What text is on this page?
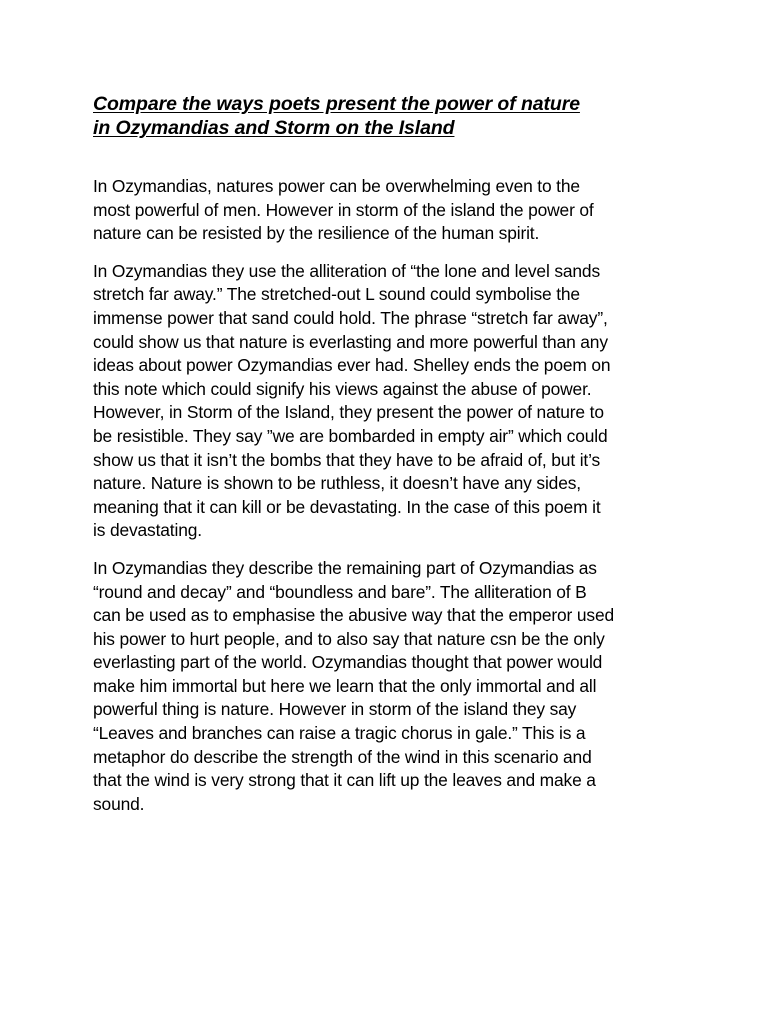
Compare the ways poets present the power of nature
in Ozymandias and Storm on the Island

In Ozymandias, natures power can be overwhelming even to the
most powerful of men. However in storm of the island the power of
nature can be resisted by the resilience of the human spirit.

In Ozymandias they use the alliteration of “the lone and level sands
stretch far away.” The stretched-out L sound could symbolise the
immense power that sand could hold. The phrase “stretch far away”,
could show us that nature is everlasting and more powerful than any
ideas about power Ozymandias ever had. Shelley ends the poem on
this note which could signify his views against the abuse of power.
However, in Storm of the Island, they present the power of nature to
be resistible. They say ”we are bombarded in empty air” which could
show us that it isn’t the bombs that they have to be afraid of, but it’s
nature. Nature is shown to be ruthless, it doesn’t have any sides,
meaning that it can kill or be devastating. In the case of this poem it
is devastating.

In Ozymandias they describe the remaining part of Ozymandias as
“round and decay” and “boundless and bare”. The alliteration of B
can be used as to emphasise the abusive way that the emperor used
his power to hurt people, and to also say that nature csn be the only
everlasting part of the world. Ozymandias thought that power would
make him immortal but here we learn that the only immortal and all
powerful thing is nature. However in storm of the island they say
“Leaves and branches can raise a tragic chorus in gale.” This is a
metaphor do describe the strength of the wind in this scenario and
that the wind is very strong that it can lift up the leaves and make a
sound.
